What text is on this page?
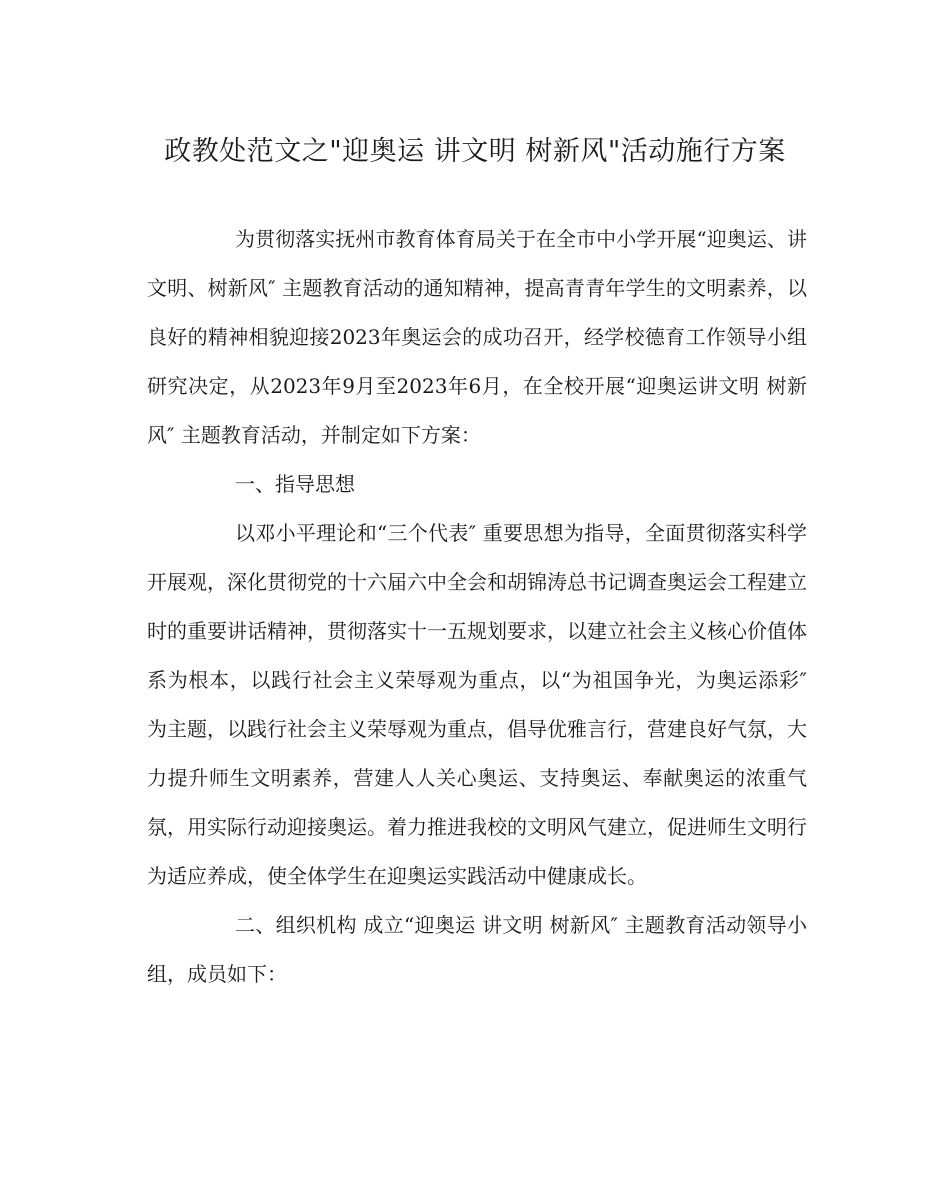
政教处范文之"迎奥运 讲文明 树新风"活动施行方案

为贯彻落实抚州市教育体育局关于在全市中小学开展“迎奥运、讲文明、树新风″ 主题教育活动的通知精神，提高青青年学生的文明素养，以良好的精神相貌迎接2023年奥运会的成功召开，经学校德育工作领导小组研究决定，从2023年9月至2023年6月，在全校开展“迎奥运讲文明 树新风″ 主题教育活动，并制定如下方案：

一、指导思想

以邓小平理论和“三个代表″ 重要思想为指导，全面贯彻落实科学开展观，深化贯彻党的十六届六中全会和胡锦涛总书记调查奥运会工程建立时的重要讲话精神，贯彻落实十一五规划要求，以建立社会主义核心价值体系为根本，以践行社会主义荣辱观为重点，以“为祖国争光，为奥运添彩″ 为主题，以践行社会主义荣辱观为重点，倡导优雅言行，营建良好气氛，大力提升师生文明素养，营建人人关心奥运、支持奥运、奉献奥运的浓重气氛，用实际行动迎接奥运。着力推进我校的文明风气建立，促进师生文明行为适应养成，使全体学生在迎奥运实践活动中健康成长。

二、组织机构 成立“迎奥运 讲文明 树新风″ 主题教育活动领导小组，成员如下：
